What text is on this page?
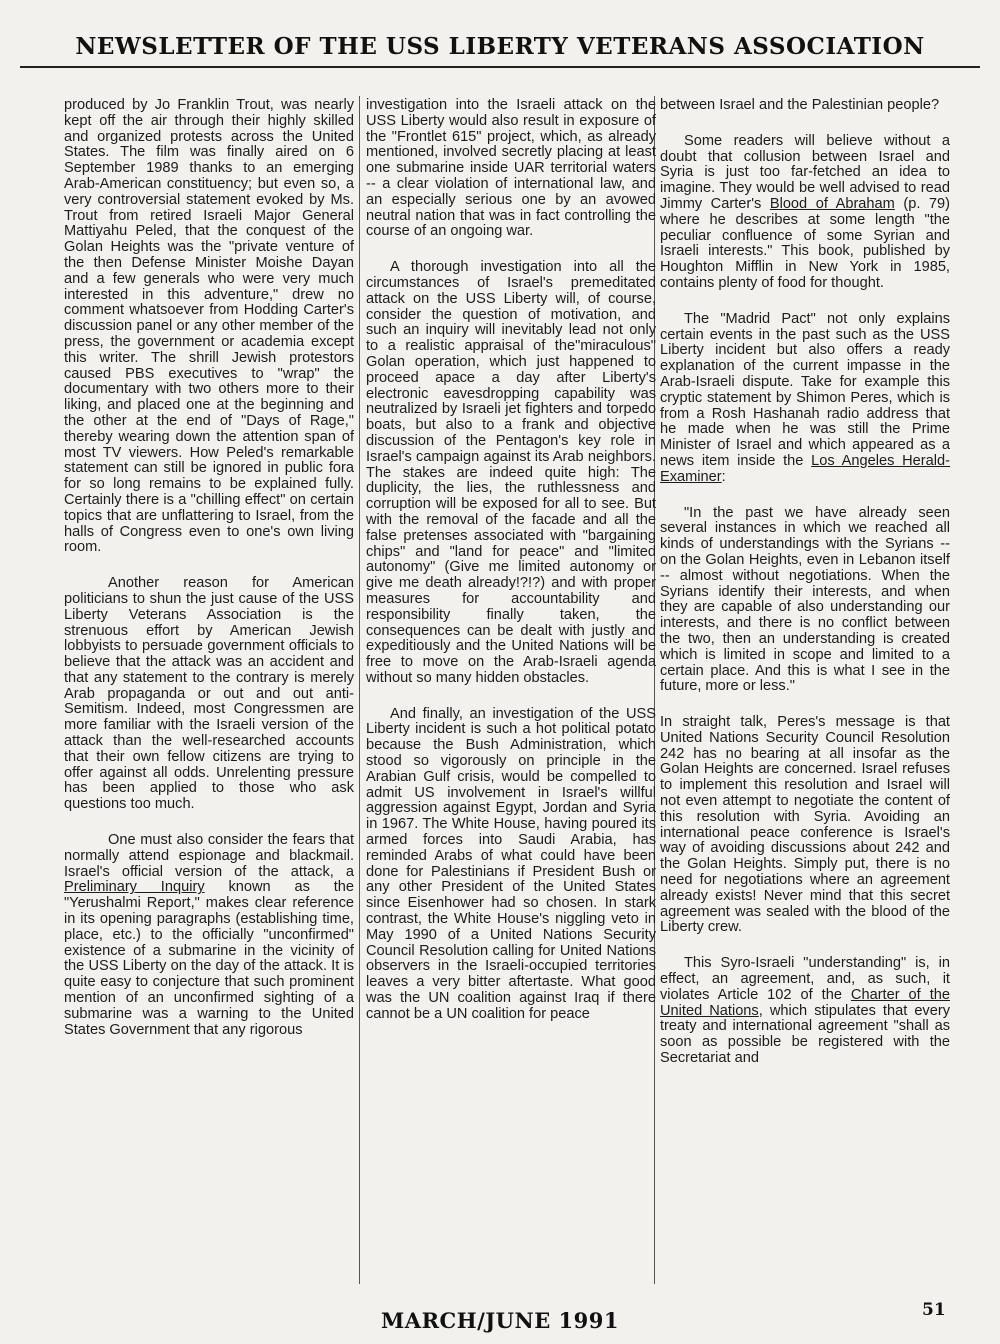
NEWSLETTER OF THE USS LIBERTY VETERANS ASSOCIATION

produced by Jo Franklin Trout, was nearly kept off the air through their highly skilled and organized protests across the United States. The film was finally aired on 6 September 1989 thanks to an emerging Arab-American constituency; but even so, a very controversial statement evoked by Ms. Trout from retired Israeli Major General Mattiyahu Peled, that the conquest of the Golan Heights was the "private venture of the then Defense Minister Moishe Dayan and a few generals who were very much interested in this adventure," drew no comment whatsoever from Hodding Carter's discussion panel or any other member of the press, the government or academia except this writer. The shrill Jewish protestors caused PBS executives to "wrap" the documentary with two others more to their liking, and placed one at the beginning and the other at the end of "Days of Rage," thereby wearing down the attention span of most TV viewers. How Peled's remarkable statement can still be ignored in public fora for so long remains to be explained fully. Certainly there is a "chilling effect" on certain topics that are unflattering to Israel, from the halls of Congress even to one's own living room.

Another reason for American politicians to shun the just cause of the USS Liberty Veterans Association is the strenuous effort by American Jewish lobbyists to persuade government officials to believe that the attack was an accident and that any statement to the contrary is merely Arab propaganda or out and out anti-Semitism. Indeed, most Congressmen are more familiar with the Israeli version of the attack than the well-researched accounts that their own fellow citizens are trying to offer against all odds. Unrelenting pressure has been applied to those who ask questions too much.

One must also consider the fears that normally attend espionage and blackmail. Israel's official version of the attack, a Preliminary Inquiry known as the "Yerushalmi Report," makes clear reference in its opening paragraphs (establishing time, place, etc.) to the officially "unconfirmed" existence of a submarine in the vicinity of the USS Liberty on the day of the attack. It is quite easy to conjecture that such prominent mention of an unconfirmed sighting of a submarine was a warning to the United States Government that any rigorous

investigation into the Israeli attack on the USS Liberty would also result in exposure of the "Frontlet 615" project, which, as already mentioned, involved secretly placing at least one submarine inside UAR territorial waters -- a clear violation of international law, and an especially serious one by an avowed neutral nation that was in fact controlling the course of an ongoing war.

A thorough investigation into all the circumstances of Israel's premeditated attack on the USS Liberty will, of course, consider the question of motivation, and such an inquiry will inevitably lead not only to a realistic appraisal of the"miraculous" Golan operation, which just happened to proceed apace a day after Liberty's electronic eavesdropping capability was neutralized by Israeli jet fighters and torpedo boats, but also to a frank and objective discussion of the Pentagon's key role in Israel's campaign against its Arab neighbors. The stakes are indeed quite high: The duplicity, the lies, the ruthlessness and corruption will be exposed for all to see. But with the removal of the facade and all the false pretenses associated with "bargaining chips" and "land for peace" and "limited autonomy" (Give me limited autonomy or give me death already!?!?) and with proper measures for accountability and responsibility finally taken, the consequences can be dealt with justly and expeditiously and the United Nations will be free to move on the Arab-Israeli agenda without so many hidden obstacles.

And finally, an investigation of the USS Liberty incident is such a hot political potato because the Bush Administration, which stood so vigorously on principle in the Arabian Gulf crisis, would be compelled to admit US involvement in Israel's willful aggression against Egypt, Jordan and Syria in 1967. The White House, having poured its armed forces into Saudi Arabia, has reminded Arabs of what could have been done for Palestinians if President Bush or any other President of the United States since Eisenhower had so chosen. In stark contrast, the White House's niggling veto in May 1990 of a United Nations Security Council Resolution calling for United Nations observers in the Israeli-occupied territories leaves a very bitter aftertaste. What good was the UN coalition against Iraq if there cannot be a UN coalition for peace

between Israel and the Palestinian people?

Some readers will believe without a doubt that collusion between Israel and Syria is just too far-fetched an idea to imagine. They would be well advised to read Jimmy Carter's Blood of Abraham (p. 79) where he describes at some length "the peculiar confluence of some Syrian and Israeli interests." This book, published by Houghton Mifflin in New York in 1985, contains plenty of food for thought.

The "Madrid Pact" not only explains certain events in the past such as the USS Liberty incident but also offers a ready explanation of the current impasse in the Arab-Israeli dispute. Take for example this cryptic statement by Shimon Peres, which is from a Rosh Hashanah radio address that he made when he was still the Prime Minister of Israel and which appeared as a news item inside the Los Angeles Herald-Examiner:

"In the past we have already seen several instances in which we reached all kinds of understandings with the Syrians -- on the Golan Heights, even in Lebanon itself -- almost without negotiations. When the Syrians identify their interests, and when they are capable of also understanding our interests, and there is no conflict between the two, then an understanding is created which is limited in scope and limited to a certain place. And this is what I see in the future, more or less."

In straight talk, Peres's message is that United Nations Security Council Resolution 242 has no bearing at all insofar as the Golan Heights are concerned. Israel refuses to implement this resolution and Israel will not even attempt to negotiate the content of this resolution with Syria. Avoiding an international peace conference is Israel's way of avoiding discussions about 242 and the Golan Heights. Simply put, there is no need for negotiations where an agreement already exists! Never mind that this secret agreement was sealed with the blood of the Liberty crew.

This Syro-Israeli "understanding" is, in effect, an agreement, and, as such, it violates Article 102 of the Charter of the United Nations, which stipulates that every treaty and international agreement "shall as soon as possible be registered with the Secretariat and

MARCH/JUNE 1991	51
